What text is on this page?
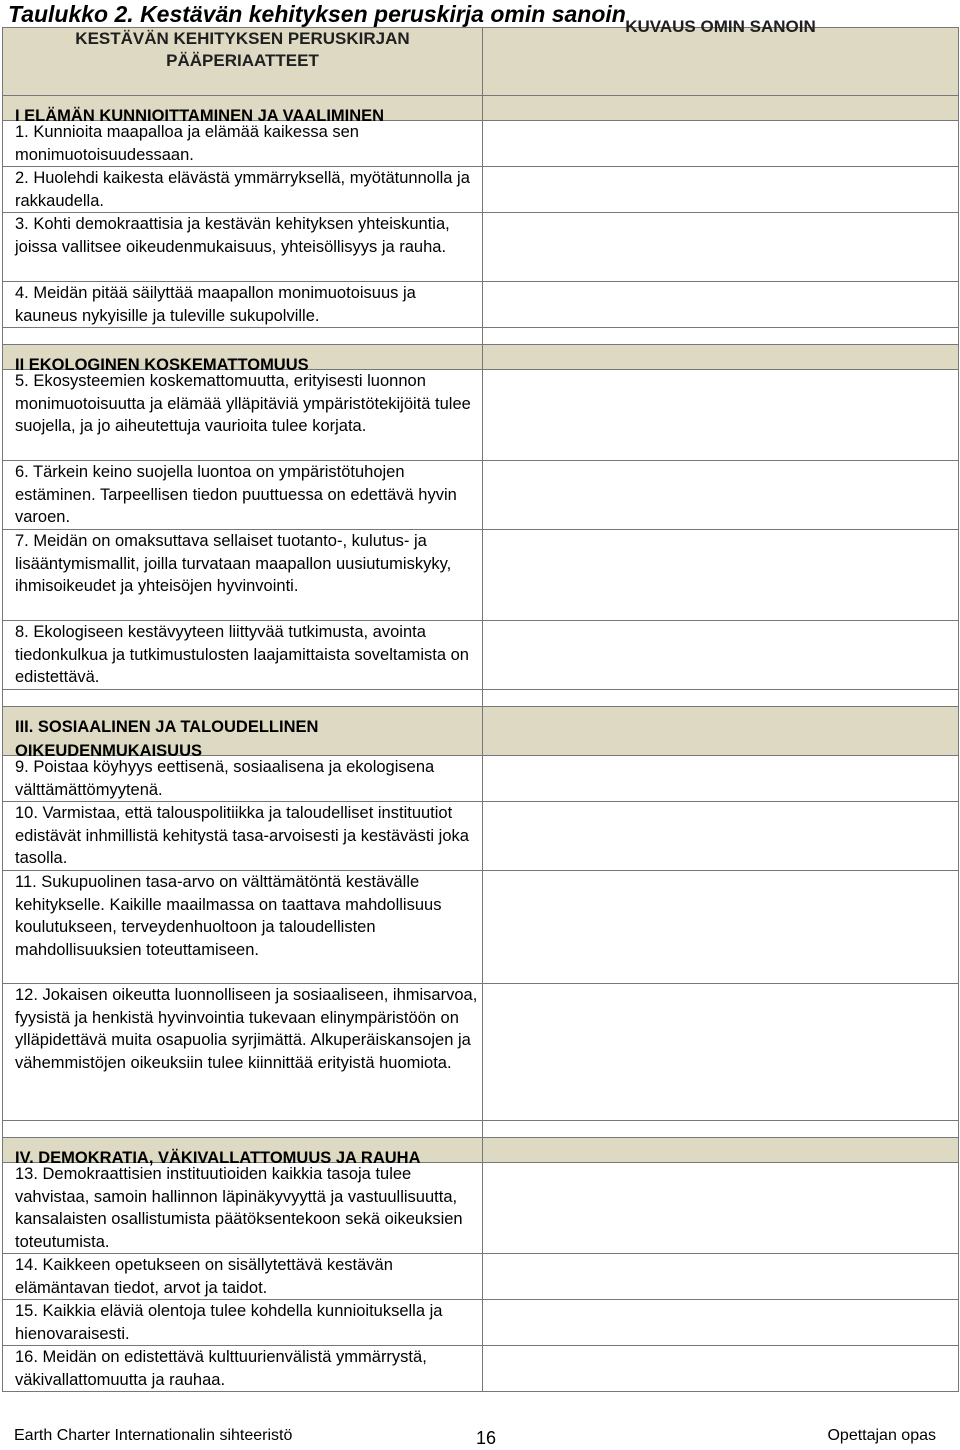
Taulukko 2. Kestävän kehityksen peruskirja omin sanoin
KESTÄVÄN KEHITYKSEN PERUSKIRJAN PÄÄPERIAATTEET	KUVAUS OMIN SANOIN

I ELÄMÄN KUNNIOITTAMINEN JA VAALIMINEN	
1. Kunnioita maapalloa ja elämää kaikessa sen monimuotoisuudessaan.	
2. Huolehdi kaikesta elävästä ymmärryksellä, myötätunnolla ja rakkaudella.	
3. Kohti demokraattisia ja kestävän kehityksen yhteiskuntia, joissa vallitsee oikeudenmukaisuus, yhteisöllisyys ja rauha.	
4. Meidän pitää säilyttää maapallon monimuotoisuus ja kauneus nykyisille ja tuleville sukupolville.	

II EKOLOGINEN KOSKEMATTOMUUS	
5. Ekosysteemien koskemattomuutta, erityisesti luonnon monimuotoisuutta ja elämää ylläpitäviä ympäristötekijöitä tulee suojella, ja jo aiheutettuja vaurioita tulee korjata.	
6. Tärkein keino suojella luontoa on ympäristötuhojen estäminen. Tarpeellisen tiedon puuttuessa on edettävä hyvin varoen.	
7. Meidän on omaksuttava sellaiset tuotanto-, kulutus- ja lisääntymismallit, joilla turvataan maapallon uusiutumiskyky, ihmisoikeudet ja yhteisöjen hyvinvointi.	
8. Ekologiseen kestävyyteen liittyvää tutkimusta, avointa tiedonkulkua ja tutkimustulosten laajamittaista soveltamista on edistettävä.	

III. SOSIAALINEN JA TALOUDELLINEN OIKEUDENMUKAISUUS	
9. Poistaa köyhyys eettisenä, sosiaalisena ja ekologisena välttämättömyytenä.	
10. Varmistaa, että talouspolitiikka ja taloudelliset instituutiot edistävät inhmillistä kehitystä tasa-arvoisesti ja kestävästi joka tasolla.	
11. Sukupuolinen tasa-arvo on välttämätöntä kestävälle kehitykselle. Kaikille maailmassa on taattava mahdollisuus koulutukseen, terveydenhuoltoon ja taloudellisten mahdollisuuksien toteuttamiseen.	
12. Jokaisen oikeutta luonnolliseen ja sosiaaliseen, ihmisarvoa, fyysistä ja henkistä hyvinvointia tukevaan elinympäristöön on ylläpidettävä muita osapuolia syrjimättä. Alkuperäiskansojen ja vähemmistöjen oikeuksiin tulee kiinnittää erityistä huomiota.	

IV. DEMOKRATIA, VÄKIVALLATTOMUUS JA RAUHA	
13. Demokraattisien instituutioiden kaikkia tasoja tulee vahvistaa, samoin hallinnon läpinäkyvyyttä ja vastuullisuutta, kansalaisten osallistumista päätöksentekoon sekä oikeuksien toteutumista.	
14. Kaikkeen opetukseen on sisällytettävä kestävän elämäntavan tiedot, arvot ja taidot.	
15. Kaikkia eläviä olentoja tulee kohdella kunnioituksella ja hienovaraisesti.	
16. Meidän on edistettävä kulttuurienvälistä ymmärrystä, väkivallattomuutta ja rauhaa.	
Earth Charter Internationalin sihteeristö	16	Opettajan opas
